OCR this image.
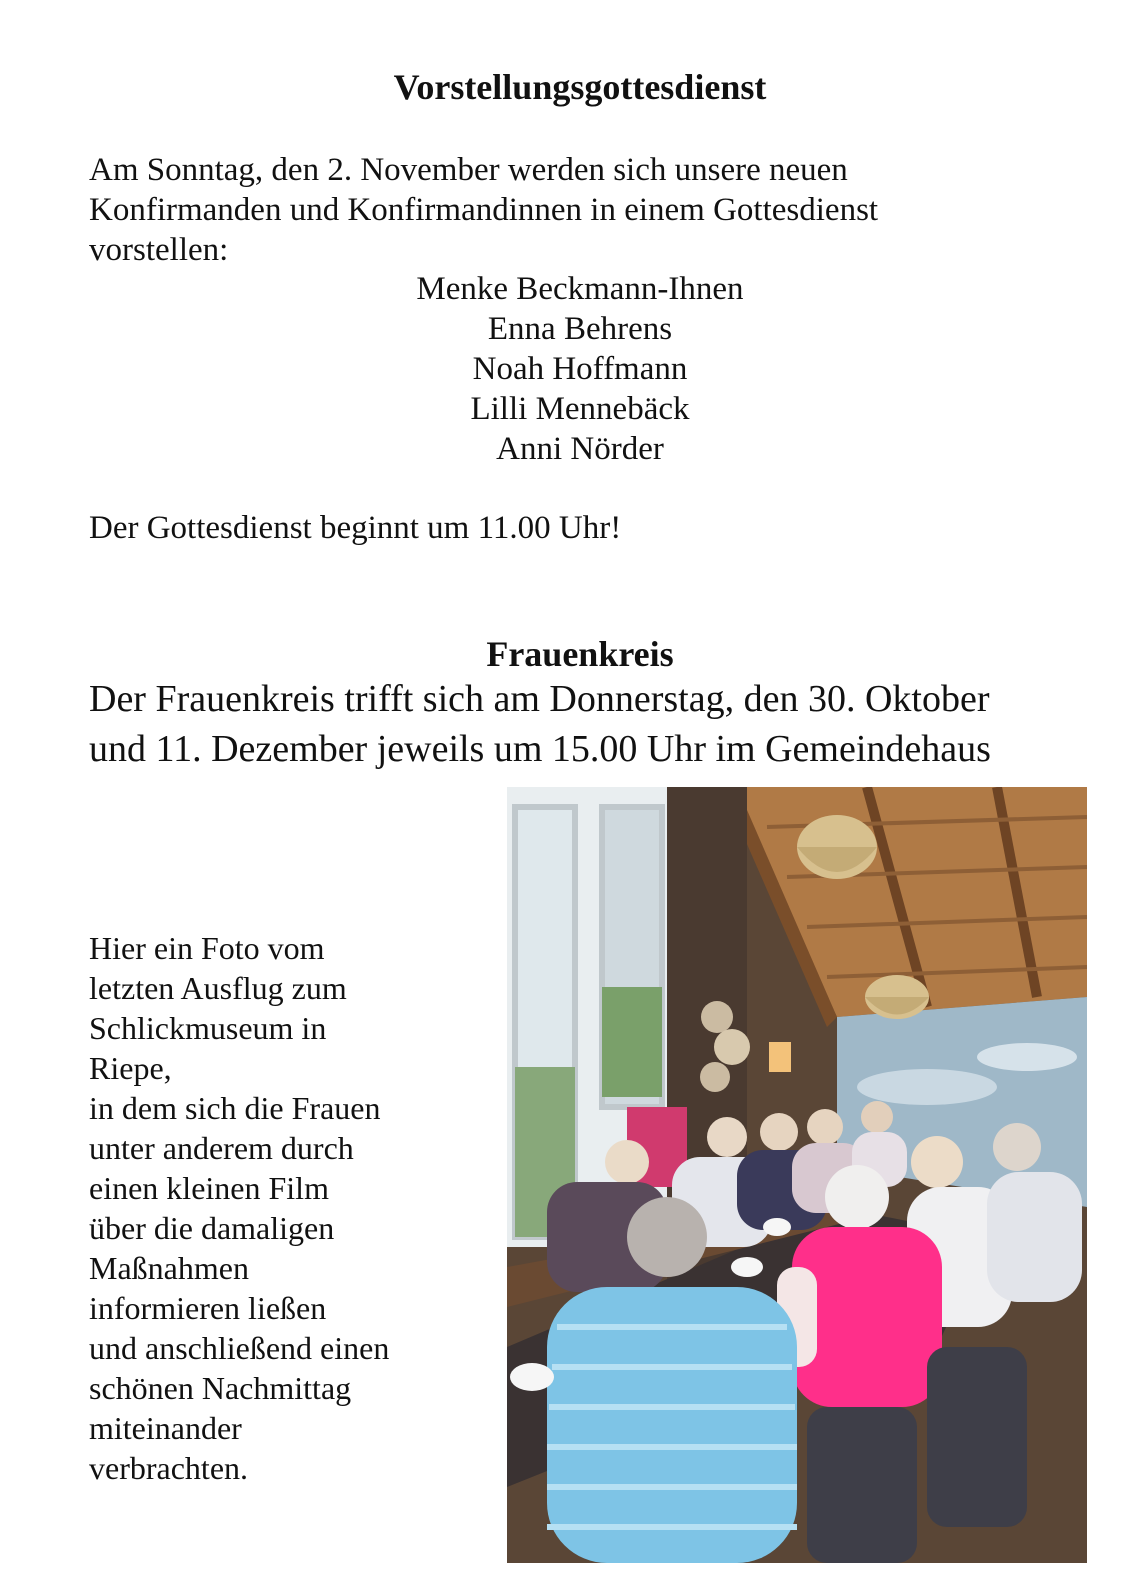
Vorstellungsgottesdienst

Am Sonntag, den 2. November werden sich unsere neuen
Konfirmanden und Konfirmandinnen in einem Gottesdienst
vorstellen:

Menke Beckmann-Ihnen
Enna Behrens
Noah Hoffmann
Lilli Mennebäck
Anni Nörder

Der Gottesdienst beginnt um 11.00 Uhr!

Frauenkreis

Der Frauenkreis trifft sich am Donnerstag, den 30. Oktober
und 11. Dezember jeweils um 15.00 Uhr im Gemeindehaus

Hier ein Foto vom
letzten Ausflug zum
Schlickmuseum in
Riepe,
in dem sich die Frauen
unter anderem durch
einen kleinen Film
über die damaligen
Maßnahmen
informieren ließen
und anschließend einen
schönen Nachmittag
miteinander
verbrachten.
